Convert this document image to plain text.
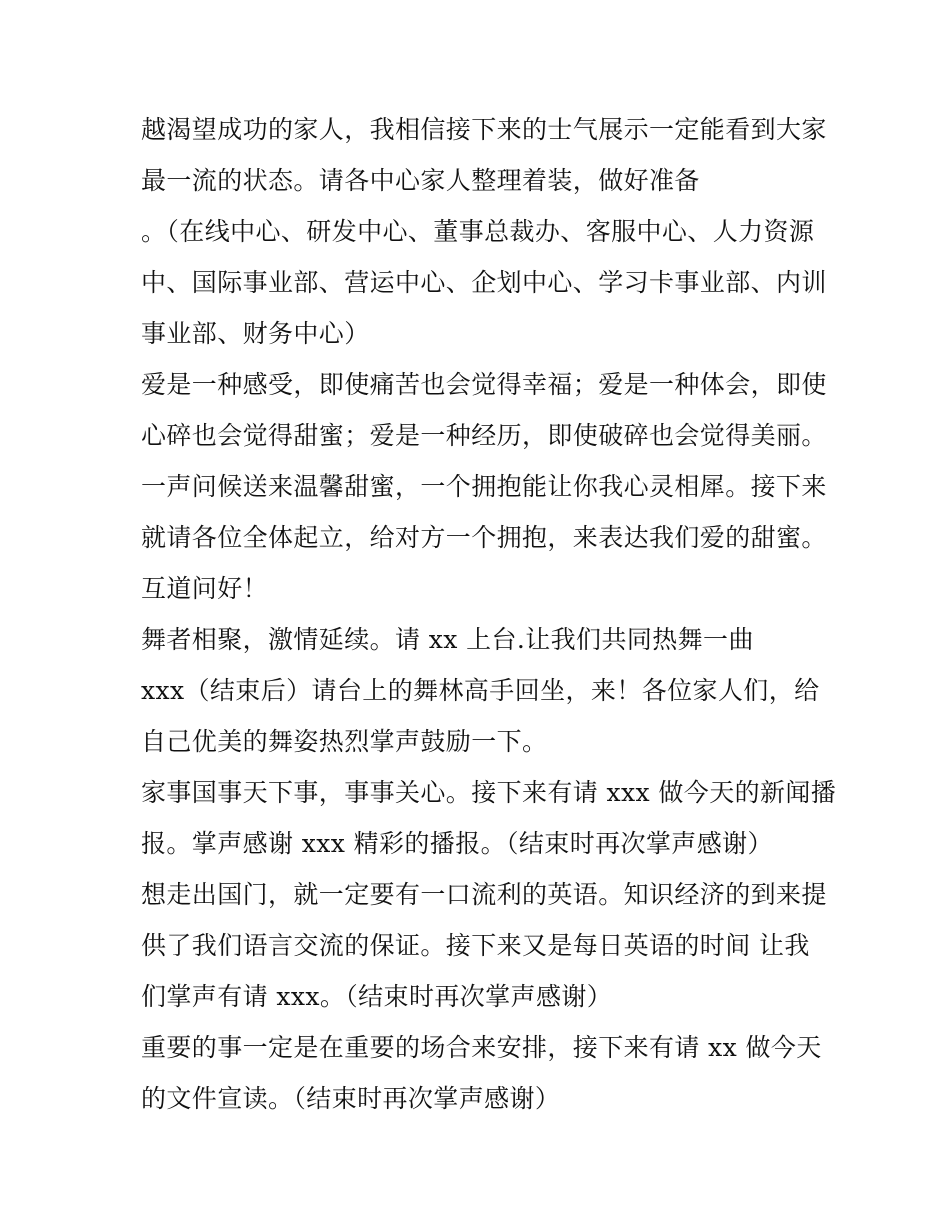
越渴望成功的家人，我相信接下来的士气展示一定能看到大家
最一流的状态。请各中心家人整理着装，做好准备
。（在线中心、研发中心、董事总裁办、客服中心、人力资源
中、国际事业部、营运中心、企划中心、学习卡事业部、内训
事业部、财务中心）
爱是一种感受，即使痛苦也会觉得幸福；爱是一种体会，即使
心碎也会觉得甜蜜；爱是一种经历，即使破碎也会觉得美丽。
一声问候送来温馨甜蜜，一个拥抱能让你我心灵相犀。接下来
就请各位全体起立，给对方一个拥抱，来表达我们爱的甜蜜。
互道问好！
舞者相聚，激情延续。请 xx 上台.让我们共同热舞一曲
xxx（结束后）请台上的舞林高手回坐，来！各位家人们，给
自己优美的舞姿热烈掌声鼓励一下。
家事国事天下事，事事关心。接下来有请 xxx 做今天的新闻播
报。掌声感谢 xxx 精彩的播报。（结束时再次掌声感谢）
想走出国门，就一定要有一口流利的英语。知识经济的到来提
供了我们语言交流的保证。接下来又是每日英语的时间 让我
们掌声有请 xxx。（结束时再次掌声感谢）
重要的事一定是在重要的场合来安排，接下来有请 xx 做今天
的文件宣读。（结束时再次掌声感谢）
